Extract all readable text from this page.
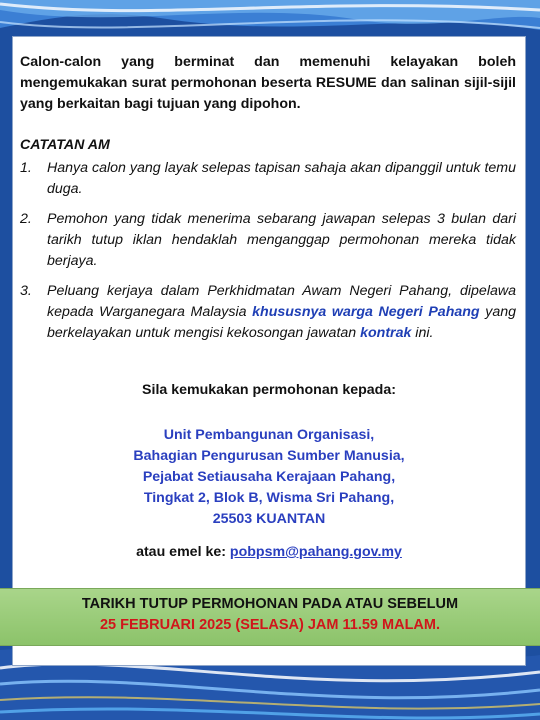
Calon-calon yang berminat dan memenuhi kelayakan boleh mengemukakan surat permohonan beserta RESUME dan salinan sijil-sijil yang berkaitan bagi tujuan yang dipohon.
CATATAN AM
1. Hanya calon yang layak selepas tapisan sahaja akan dipanggil untuk temu duga.
2. Pemohon yang tidak menerima sebarang jawapan selepas 3 bulan dari tarikh tutup iklan hendaklah menganggap permohonan mereka tidak berjaya.
3. Peluang kerjaya dalam Perkhidmatan Awam Negeri Pahang, dipelawa kepada Warganegara Malaysia khususnya warga Negeri Pahang yang berkelayakan untuk mengisi kekosongan jawatan kontrak ini.
Sila kemukakan permohonan kepada:
Unit Pembangunan Organisasi,
Bahagian Pengurusan Sumber Manusia,
Pejabat Setiausaha Kerajaan Pahang,
Tingkat 2, Blok B, Wisma Sri Pahang,
25503 KUANTAN
atau emel ke: pobpsm@pahang.gov.my
TARIKH TUTUP PERMOHONAN PADA ATAU SEBELUM
25 FEBRUARI 2025 (SELASA) JAM 11.59 MALAM.
